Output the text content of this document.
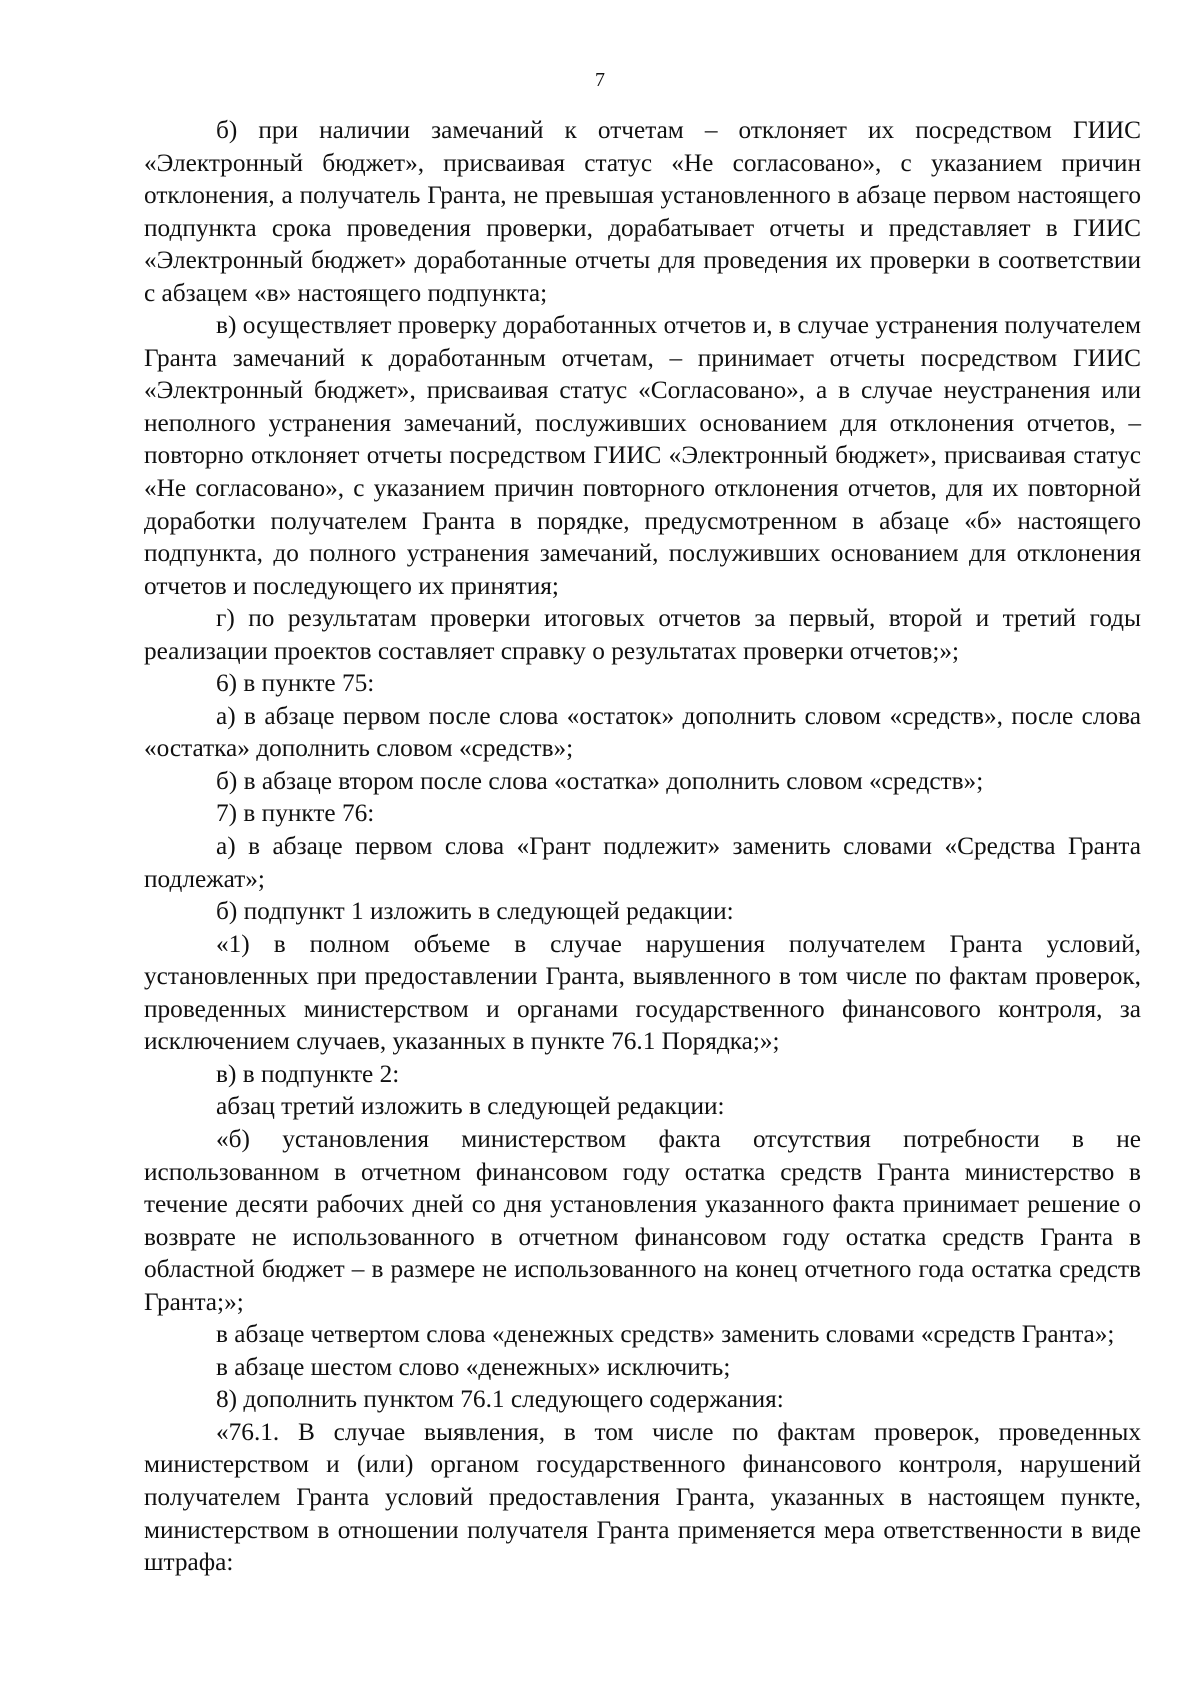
7

б) при наличии замечаний к отчетам – отклоняет их посредством ГИИС «Электронный бюджет», присваивая статус «Не согласовано», с указанием причин отклонения, а получатель Гранта, не превышая установленного в абзаце первом настоящего подпункта срока проведения проверки, дорабатывает отчеты и представляет в ГИИС «Электронный бюджет» доработанные отчеты для проведения их проверки в соответствии с абзацем «в» настоящего подпункта;

в) осуществляет проверку доработанных отчетов и, в случае устранения получателем Гранта замечаний к доработанным отчетам, – принимает отчеты посредством ГИИС «Электронный бюджет», присваивая статус «Согласовано», а в случае неустранения или неполного устранения замечаний, послуживших основанием для отклонения отчетов, – повторно отклоняет отчеты посредством ГИИС «Электронный бюджет», присваивая статус «Не согласовано», с указанием причин повторного отклонения отчетов, для их повторной доработки получателем Гранта в порядке, предусмотренном в абзаце «б» настоящего подпункта, до полного устранения замечаний, послуживших основанием для отклонения отчетов и последующего их принятия;

г) по результатам проверки итоговых отчетов за первый, второй и третий годы реализации проектов составляет справку о результатах проверки отчетов;»;

6) в пункте 75:

а) в абзаце первом после слова «остаток» дополнить словом «средств», после слова «остатка» дополнить словом «средств»;

б) в абзаце втором после слова «остатка» дополнить словом «средств»;

7) в пункте 76:

а) в абзаце первом слова «Грант подлежит» заменить словами «Средства Гранта подлежат»;

б) подпункт 1 изложить в следующей редакции:

«1) в полном объеме в случае нарушения получателем Гранта условий, установленных при предоставлении Гранта, выявленного в том числе по фактам проверок, проведенных министерством и органами государственного финансового контроля, за исключением случаев, указанных в пункте 76.1 Порядка;»;

в) в подпункте 2:

абзац третий изложить в следующей редакции:

«б) установления министерством факта отсутствия потребности в не использованном в отчетном финансовом году остатка средств Гранта министерство в течение десяти рабочих дней со дня установления указанного факта принимает решение о возврате не использованного в отчетном финансовом году остатка средств Гранта в областной бюджет – в размере не использованного на конец отчетного года остатка средств Гранта;»;

в абзаце четвертом слова «денежных средств» заменить словами «средств Гранта»;

в абзаце шестом слово «денежных» исключить;

8) дополнить пунктом 76.1 следующего содержания:

«76.1. В случае выявления, в том числе по фактам проверок, проведенных министерством и (или) органом государственного финансового контроля, нарушений получателем Гранта условий предоставления Гранта, указанных в настоящем пункте, министерством в отношении получателя Гранта применяется мера ответственности в виде штрафа:
